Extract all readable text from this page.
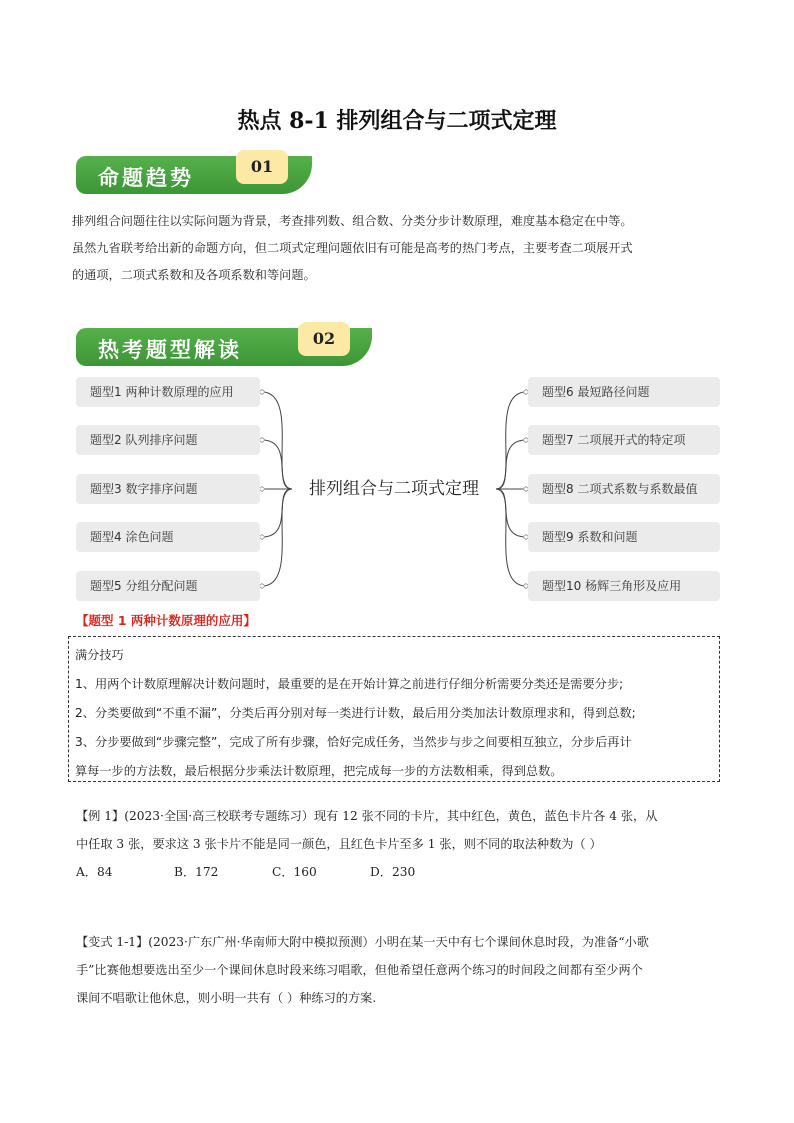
热点 8-1 排列组合与二项式定理
命题趋势	01
排列组合问题往往以实际问题为背景，考查排列数、组合数、分类分步计数原理，难度基本稳定在中等。
虽然九省联考给出新的命题方向，但二项式定理问题依旧有可能是高考的热门考点，主要考查二项展开式
的通项，二项式系数和及各项系数和等问题。
热考题型解读	02
题型1 两种计数原理的应用
题型2 队列排序问题
题型3 数字排序问题
题型4 涂色问题
题型5 分组分配问题
排列组合与二项式定理
题型6 最短路径问题
题型7 二项展开式的特定项
题型8 二项式系数与系数最值
题型9 系数和问题
题型10 杨辉三角形及应用
【题型 1 两种计数原理的应用】
满分技巧
1、用两个计数原理解决计数问题时，最重要的是在开始计算之前进行仔细分析需要分类还是需要分步;
2、分类要做到“不重不漏”，分类后再分别对每一类进行计数，最后用分类加法计数原理求和，得到总数;
3、分步要做到“步骤完整”，完成了所有步骤，恰好完成任务，当然步与步之间要相互独立，分步后再计
算每一步的方法数，最后根据分步乘法计数原理，把完成每一步的方法数相乘，得到总数。

【例 1】(2023·全国·高三校联考专题练习）现有 12 张不同的卡片，其中红色，黄色，蓝色卡片各 4 张，从

中任取 3 张，要求这 3 张卡片不能是同一颜色，且红色卡片至多 1 张，则不同的取法种数为（ ）

A．84	B．172	C．160	D．230

【变式 1-1】(2023·广东广州·华南师大附中模拟预测）小明在某一天中有七个课间休息时段，为准备“小歌

手”比赛他想要选出至少一个课间休息时段来练习唱歌，但他希望任意两个练习的时间段之间都有至少两个

课间不唱歌让他休息，则小明一共有（ ）种练习的方案.
